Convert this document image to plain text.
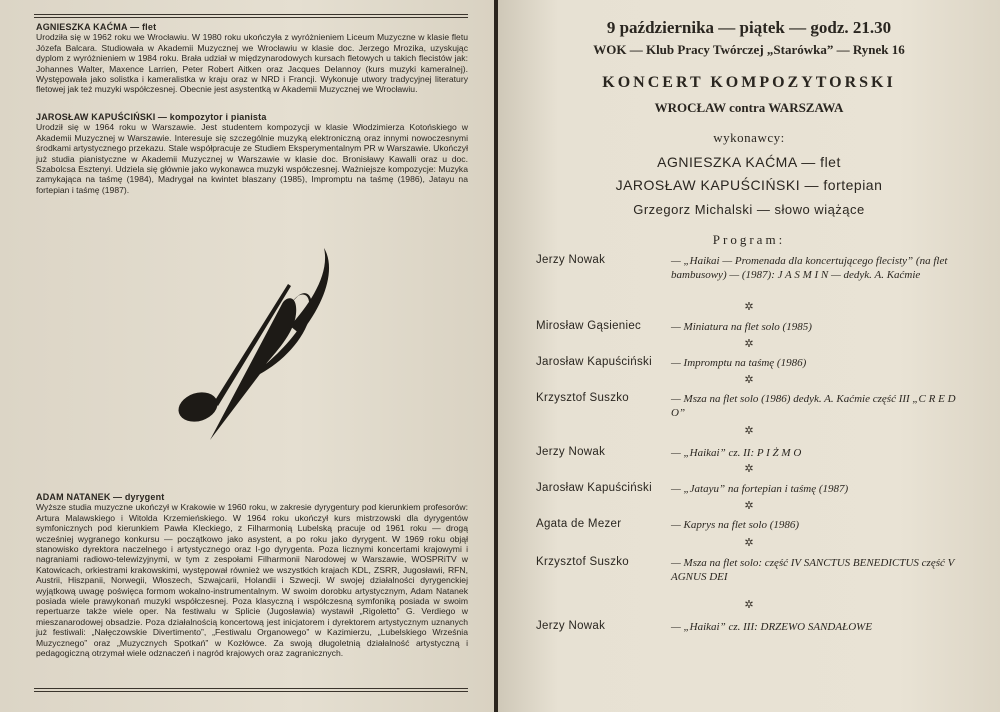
AGNIESZKA KAĆMA — flet

Urodziła się w 1962 roku we Wrocławiu. W 1980 roku ukończyła z wyróżnieniem Liceum Muzyczne w klasie fletu Józefa Balcara. Studiowała w Akademii Muzycznej we Wrocławiu w klasie doc. Jerzego Mrozika, uzyskując dyplom z wyróżnieniem w 1984 roku. Brała udział w międzynarodowych kursach fletowych u takich flecistów jak: Johannes Walter, Maxence Larrien, Peter Robert Aitken oraz Jacques Delannoy (kurs muzyki kameralnej). Występowała jako solistka i kameralistka w kraju oraz w NRD i Francji. Wykonuje utwory tradycyjnej literatury fletowej jak też muzyki współczesnej. Obecnie jest asystentką w Akademii Muzycznej we Wrocławiu.

JAROSŁAW KAPUŚCIŃSKI — kompozytor i pianista

Urodził się w 1964 roku w Warszawie. Jest studentem kompozycji w klasie Włodzimierza Kotońskiego w Akademii Muzycznej w Warszawie. Interesuje się szczególnie muzyką elektroniczną oraz innymi nowoczesnymi środkami artystycznego przekazu. Stale współpracuje ze Studiem Eksperymentalnym PR w Warszawie. Ukończył już studia pianistyczne w Akademii Muzycznej w Warszawie w klasie doc. Bronisławy Kawalli oraz u doc. Szabolcsa Esztenyi. Udziela się głównie jako wykonawca muzyki współczesnej. Ważniejsze kompozycje: Muzyka zamykająca na taśmę (1984), Madrygał na kwintet blaszany (1985), Impromptu na taśmę (1986), Jatayu na fortepian i taśmę (1987).

ADAM NATANEK — dyrygent

Wyższe studia muzyczne ukończył w Krakowie w 1960 roku, w zakresie dyrygentury pod kierunkiem profesorów: Artura Malawskiego i Witolda Krzemieńskiego. W 1964 roku ukończył kurs mistrzowski dla dyrygentów symfonicznych pod kierunkiem Pawła Kleckiego, z Filharmonią Lubelską pracuje od 1961 roku — drogą wcześniej wygranego konkursu — początkowo jako asystent, a po roku jako dyrygent. W 1969 roku objął stanowisko dyrektora naczelnego i artystycznego oraz I-go dyrygenta. Poza licznymi koncertami krajowymi i nagraniami radiowo-telewizyjnymi, w tym z zespołami Filharmonii Narodowej w Warszawie, WOSPRiTV w Katowicach, orkiestrami krakowskimi, występował również we wszystkich krajach KDL, ZSRR, Jugosławii, RFN, Austrii, Hiszpanii, Norwegii, Włoszech, Szwajcarii, Holandii i Szwecji. W swojej działalności dyrygenckiej wyjątkową uwagę poświęca formom wokalno-instrumentalnym. W swoim dorobku artystycznym, Adam Natanek posiada wiele prawykonań muzyki współczesnej. Poza klasyczną i współczesną symfoniką posiada w swoim repertuarze także wiele oper. Na festiwalu w Splicie (Jugosławia) wystawił „Rigoletto” G. Verdiego w mieszanarodowej obsadzie. Poza działalnością koncertową jest inicjatorem i dyrektorem artystycznym uznanych już festiwali: „Nałęczowskie Divertimento”, „Festiwalu Organowego” w Kazimierzu, „Lubelskiego Września Muzycznego” oraz „Muzycznych Spotkań” w Kozłówce. Za swoją długoletnią działalność artystyczną i pedagogiczną otrzymał wiele odznaczeń i nagród krajowych oraz zagranicznych.

9 października — piątek — godz. 21.30
WOK — Klub Pracy Twórczej „Starówka” — Rynek 16
KONCERT KOMPOZYTORSKI
WROCŁAW contra WARSZAWA
wykonawcy:
AGNIESZKA KAĆMA — flet
JAROSŁAW KAPUŚCIŃSKI — fortepian
Grzegorz Michalski — słowo wiążące
Program:
Jerzy Nowak	— „Haikai — Promenada dla koncertującego flecisty” (na flet bambusowy) — (1987): J A S M I N — dedyk. A. Kaćmie
✲
Mirosław Gąsieniec	— Miniatura na flet solo (1985)
✲
Jarosław Kapuściński — Impromptu na taśmę (1986)
✲
Krzysztof Suszko	— Msza na flet solo (1986) dedyk. A. Kaćmie część III „C R E D O”
✲
Jerzy Nowak	— „Haikai” cz. II: P I Ż M O
✲
Jarosław Kapuściński — „Jatayu” na fortepian i taśmę (1987)
✲
Agata de Mezer	— Kaprys na flet solo (1986)
✲
Krzysztof Suszko	— Msza na flet solo: część IV SANCTUS BENEDICTUS część V AGNUS DEI
✲
Jerzy Nowak	— „Haikai” cz. III: DRZEWO SANDAŁOWE
